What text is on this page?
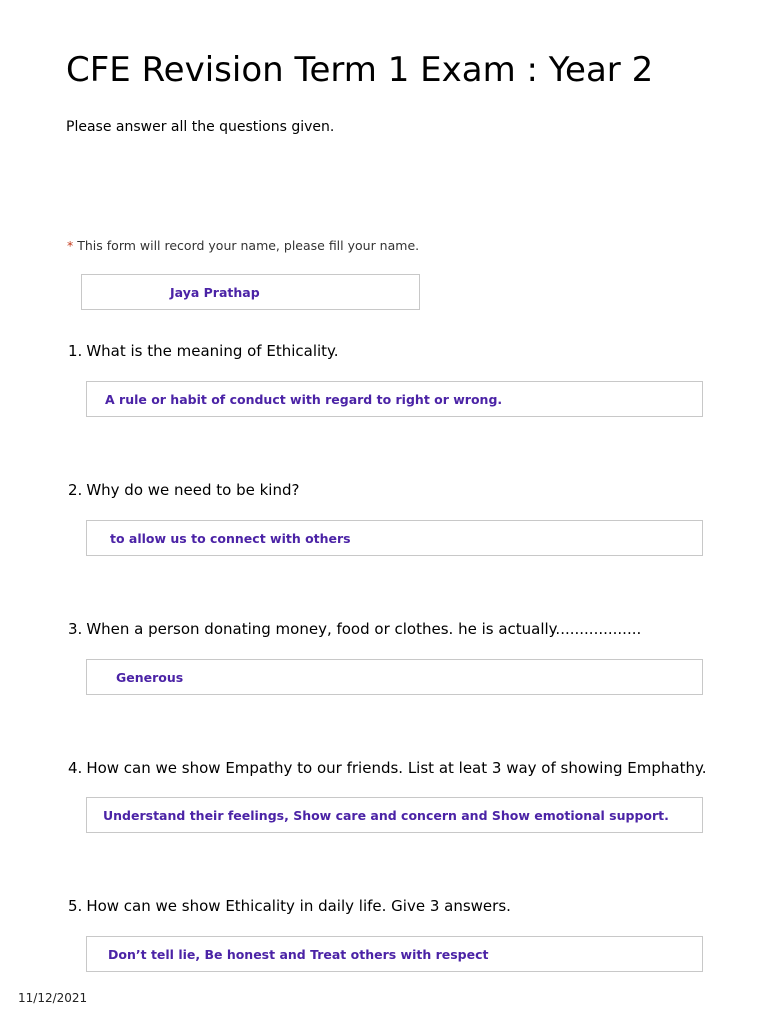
CFE Revision Term 1 Exam : Year 2

Please answer all the questions given.

* This form will record your name, please fill your name.
Jaya Prathap
1. What is the meaning of Ethicality.
A rule or habit of conduct with regard to right or wrong.
2. Why do we need to be kind?
to allow us to connect with others
3. When a person donating money, food or clothes. he is actually..................
Generous
4. How can we show Empathy to our friends. List at leat 3 way of showing Emphathy.
Understand their feelings, Show care and concern and Show emotional support.
5. How can we show Ethicality in daily life. Give 3 answers.
Don’t tell lie, Be honest and Treat others with respect
11/12/2021
